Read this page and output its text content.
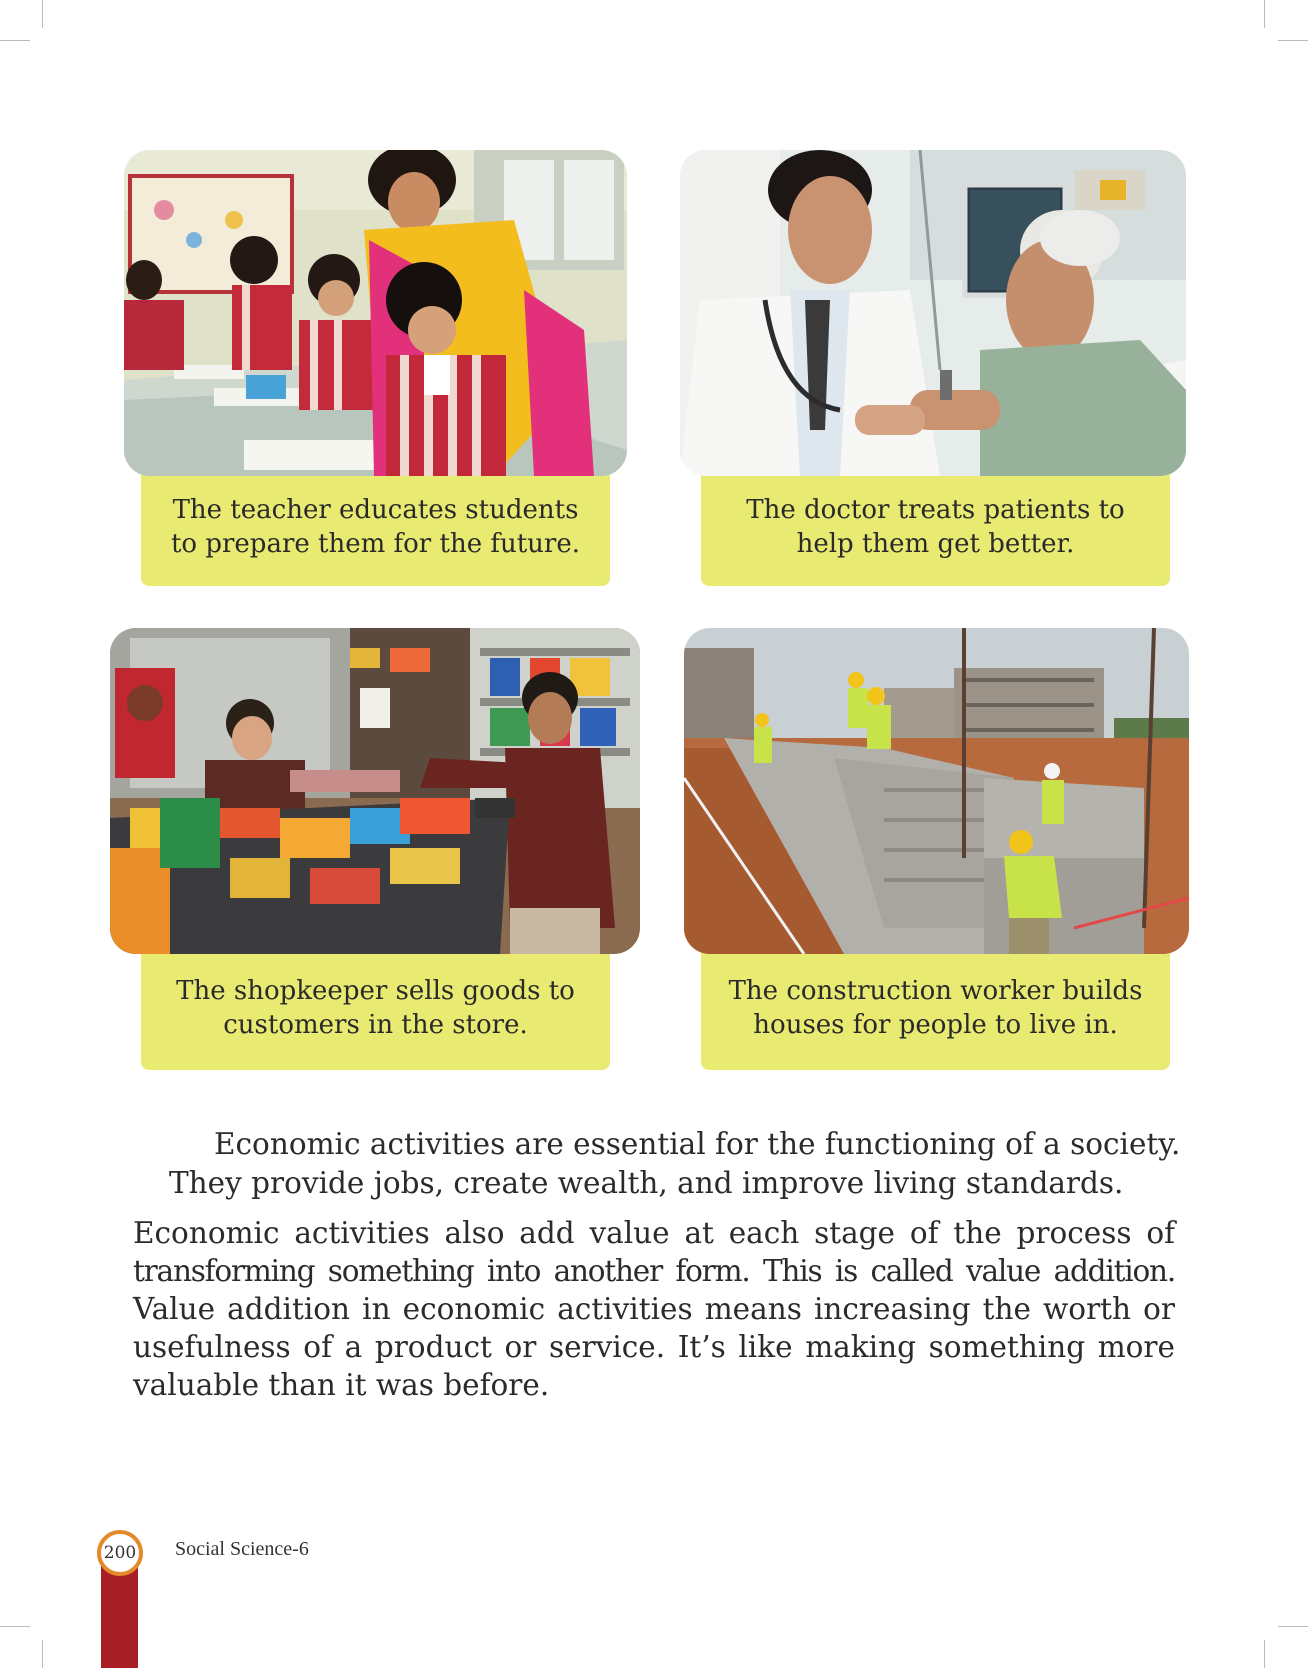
The teacher educates students
to prepare them for the future.
The doctor treats patients to
help them get better.
The shopkeeper sells goods to
customers in the store.
The construction worker builds
houses for people to live in.
Economic activities are essential for the functioning of a society.
They provide jobs, create wealth, and improve living standards.
Economic activities also add value at each stage of the process of
transforming something into another form. This is called value addition.
Value addition in economic activities means increasing the worth or
usefulness of a product or service. It’s like making something more
valuable than it was before.
200	Social Science-6
